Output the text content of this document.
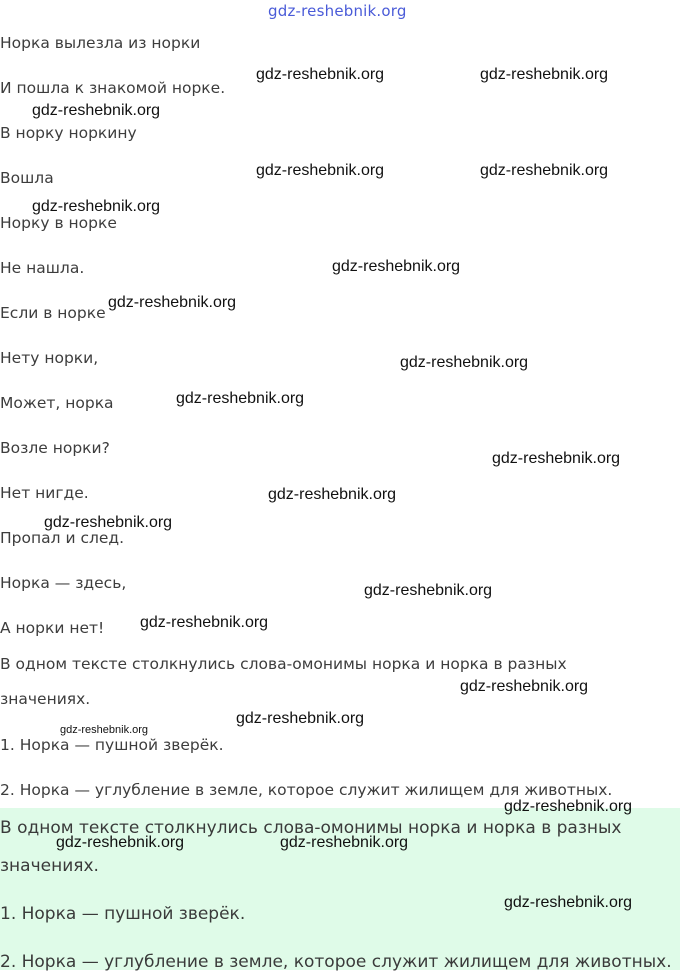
gdz-reshebnik.org
Норка вылезла из норки
И пошла к знакомой норке.
В норку норкину
Вошла
Норку в норке
Не нашла.
Если в норке
Нету норки,
Может, норка
Возле норки?
Нет нигде.
Пропал и след.
Норка — здесь,
А норки нет!
В одном тексте столкнулись слова-омонимы норка и норка в разных значениях.
1. Норка — пушной зверёк.
2. Норка — углубление в земле, которое служит жилищем для животных.
В одном тексте столкнулись слова-омонимы норка и норка в разных
значениях.
1. Норка — пушной зверёк.
2. Норка — углубление в земле, которое служит жилищем для животных.
gdz-reshebnik.org	gdz-reshebnik.org
gdz-reshebnik.org
gdz-reshebnik.org	gdz-reshebnik.org
gdz-reshebnik.org
gdz-reshebnik.org
gdz-reshebnik.org
gdz-reshebnik.org
gdz-reshebnik.org
gdz-reshebnik.org
gdz-reshebnik.org
gdz-reshebnik.org
gdz-reshebnik.org
gdz-reshebnik.org
gdz-reshebnik.org
gdz-reshebnik.org
gdz-reshebnik.org
gdz-reshebnik.org
gdz-reshebnik.org	gdz-reshebnik.org
gdz-reshebnik.org
